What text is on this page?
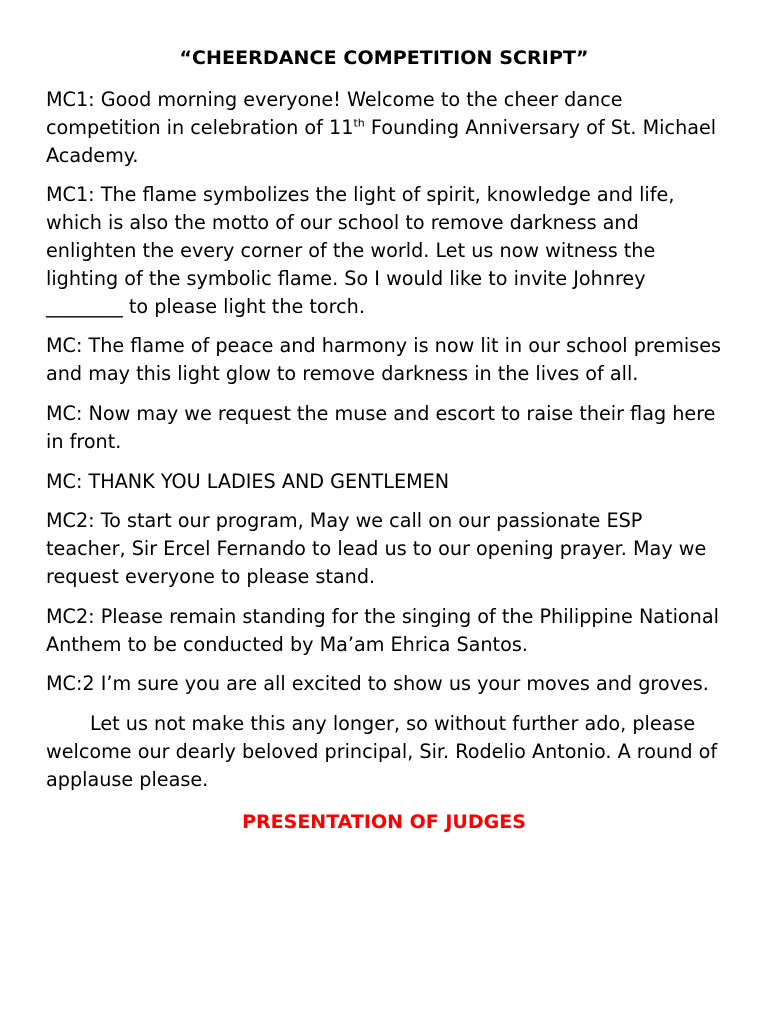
“CHEERDANCE COMPETITION SCRIPT”

MC1: Good morning everyone! Welcome to the cheer dance competition in celebration of 11th Founding Anniversary of St. Michael Academy.

MC1: The flame symbolizes the light of spirit, knowledge and life, which is also the motto of our school to remove darkness and enlighten the every corner of the world. Let us now witness the lighting of the symbolic flame. So I would like to invite Johnrey ________ to please light the torch.

MC: The flame of peace and harmony is now lit in our school premises and may this light glow to remove darkness in the lives of all.

MC: Now may we request the muse and escort to raise their flag here in front.

MC: THANK YOU LADIES AND GENTLEMEN

MC2: To start our program, May we call on our passionate ESP teacher, Sir Ercel Fernando to lead us to our opening prayer. May we request everyone to please stand.

MC2: Please remain standing for the singing of the Philippine National Anthem to be conducted by Ma’am Ehrica Santos.

MC:2 I’m sure you are all excited to show us your moves and groves.

Let us not make this any longer, so without further ado, please welcome our dearly beloved principal, Sir. Rodelio Antonio. A round of applause please.

PRESENTATION OF JUDGES
